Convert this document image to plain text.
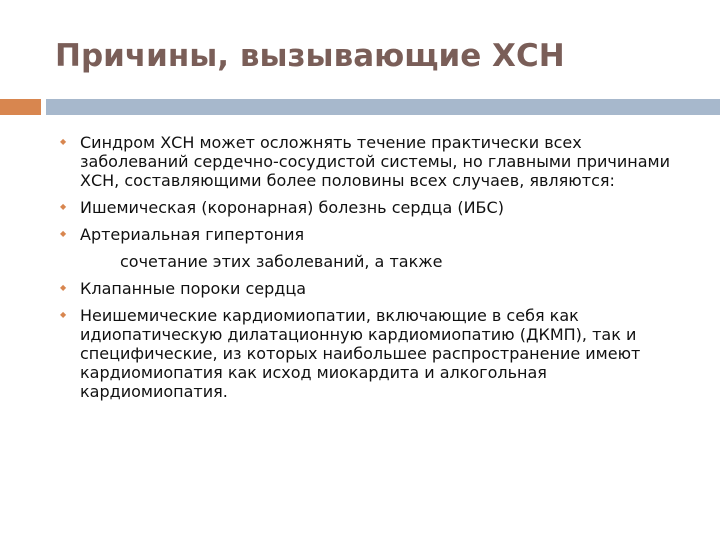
Причины, вызывающие ХСН
◆ Синдром ХСН может осложнять течение практически всех заболеваний сердечно-сосудистой системы, но главными причинами ХСН, составляющими более половины всех случаев, являются:
◆ Ишемическая (коронарная) болезнь сердца (ИБС)
◆ Артериальная гипертония
сочетание этих заболеваний, а также
◆ Клапанные пороки сердца
◆ Неишемические кардиомиопатии, включающие в себя как идиопатическую дилатационную кардиомиопатию (ДКМП), так и специфические, из которых наибольшее распространение имеют кардиомиопатия как исход миокардита и алкогольная кардиомиопатия.
